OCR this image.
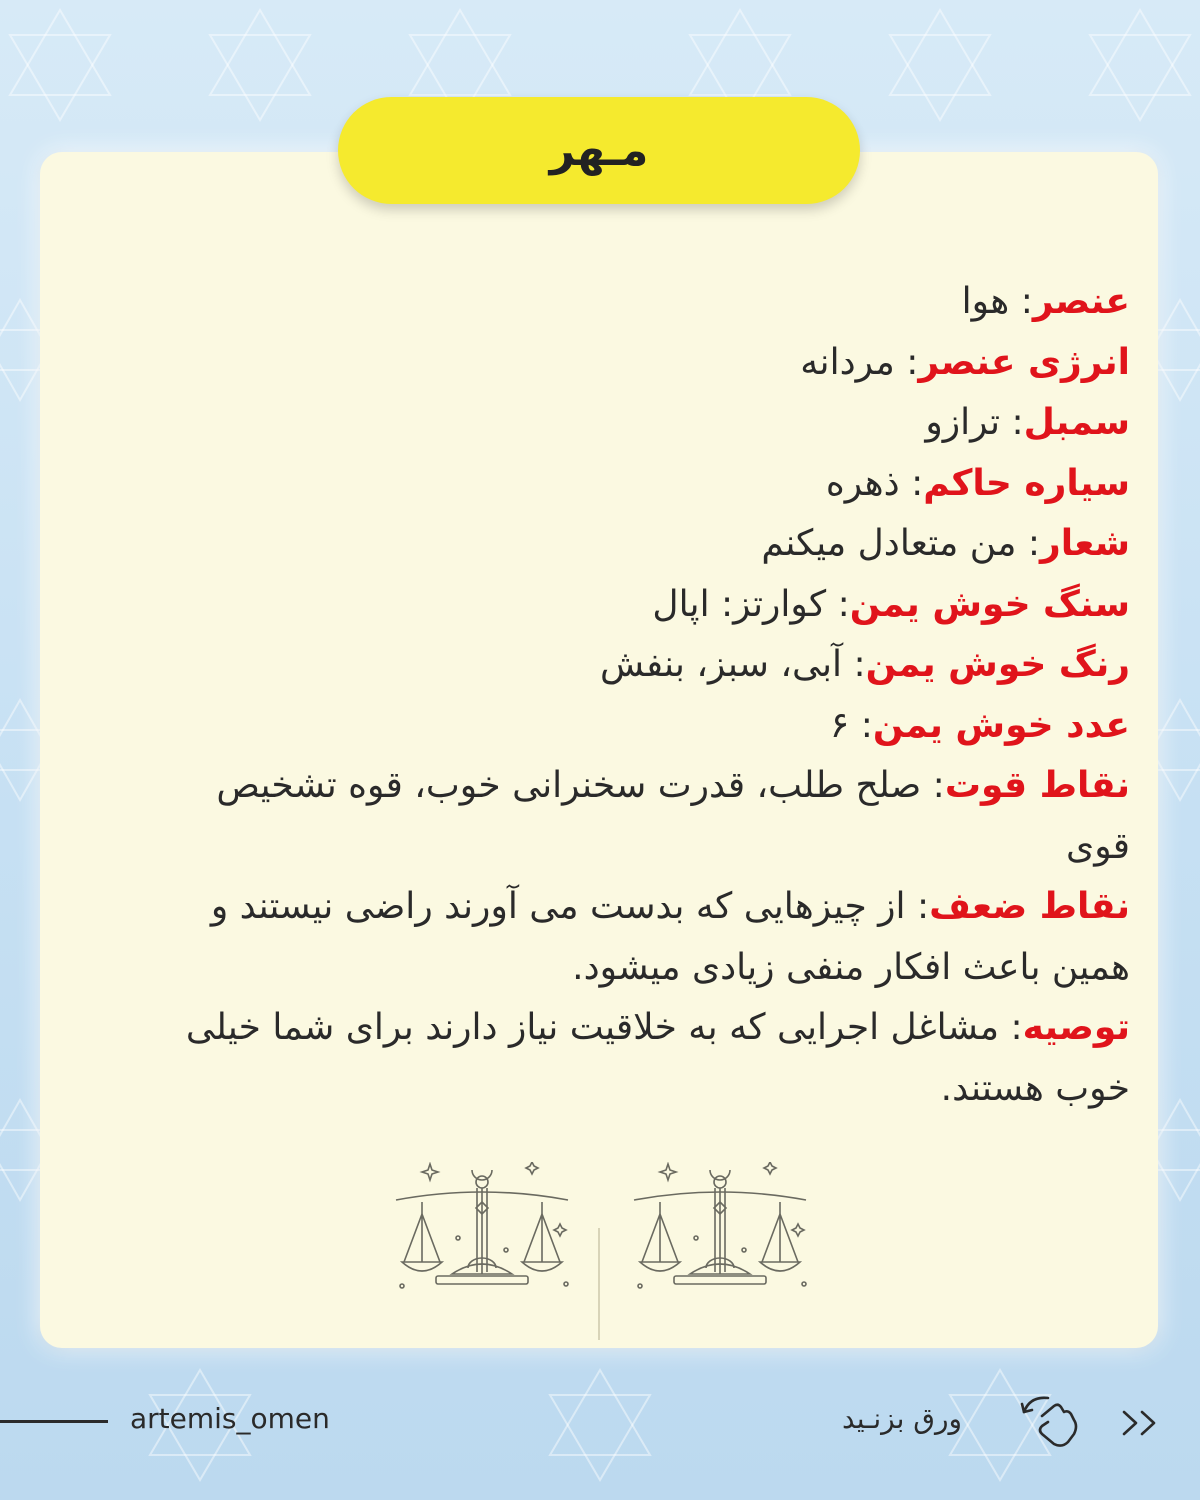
مـهر

عنصر: هوا

انرژی عنصر: مردانه

سمبل: ترازو

سیاره حاکم: ذهره

شعار: من متعادل میکنم

سنگ خوش یمن: کوارتز: اپال

رنگ خوش یمن: آبی، سبز، بنفش

عدد خوش یمن: ۶

نقاط قوت: صلح طلب، قدرت سخنرانی خوب، قوه تشخیص قوی

نقاط ضعف: از چیزهایی که بدست می آورند راضی نیستند و همین باعث افکار منفی زیادی میشود.

توصیه: مشاغل اجرایی که به خلاقیت نیاز دارند برای شما خیلی خوب هستند.

artemis_omen	ورق بزنـید
